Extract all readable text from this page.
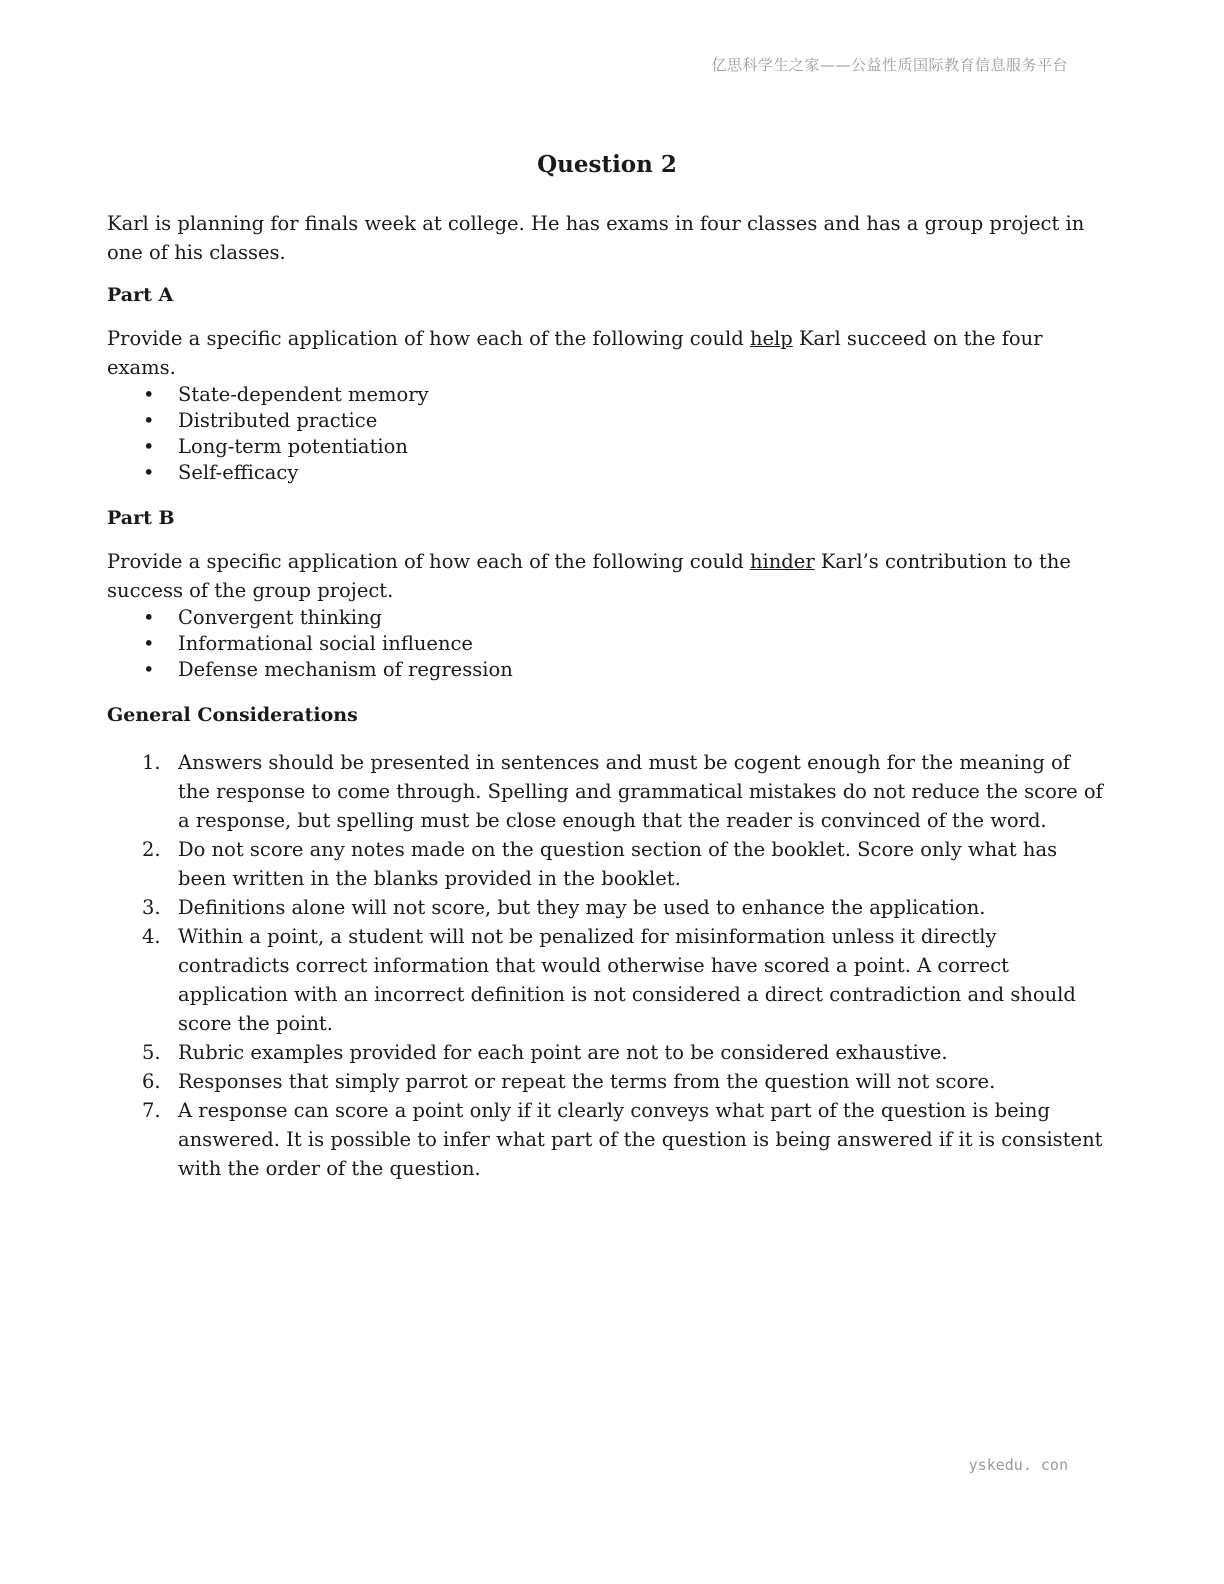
亿思科学生之家——公益性质国际教育信息服务平台
Question 2

Karl is planning for finals week at college. He has exams in four classes and has a group project in one of his classes.

Part A

Provide a specific application of how each of the following could help Karl succeed on the four exams.

• State-dependent memory
• Distributed practice
• Long-term potentiation
• Self-efficacy
Part B

Provide a specific application of how each of the following could hinder Karl’s contribution to the success of the group project.

• Convergent thinking
• Informational social influence
• Defense mechanism of regression
General Considerations
1. Answers should be presented in sentences and must be cogent enough for the meaning of the response to come through. Spelling and grammatical mistakes do not reduce the score of a response, but spelling must be close enough that the reader is convinced of the word.
2. Do not score any notes made on the question section of the booklet. Score only what has been written in the blanks provided in the booklet.
3. Definitions alone will not score, but they may be used to enhance the application.
4. Within a point, a student will not be penalized for misinformation unless it directly contradicts correct information that would otherwise have scored a point. A correct application with an incorrect definition is not considered a direct contradiction and should score the point.
5. Rubric examples provided for each point are not to be considered exhaustive.
6. Responses that simply parrot or repeat the terms from the question will not score.
7. A response can score a point only if it clearly conveys what part of the question is being answered. It is possible to infer what part of the question is being answered if it is consistent with the order of the question.
yskedu. con
